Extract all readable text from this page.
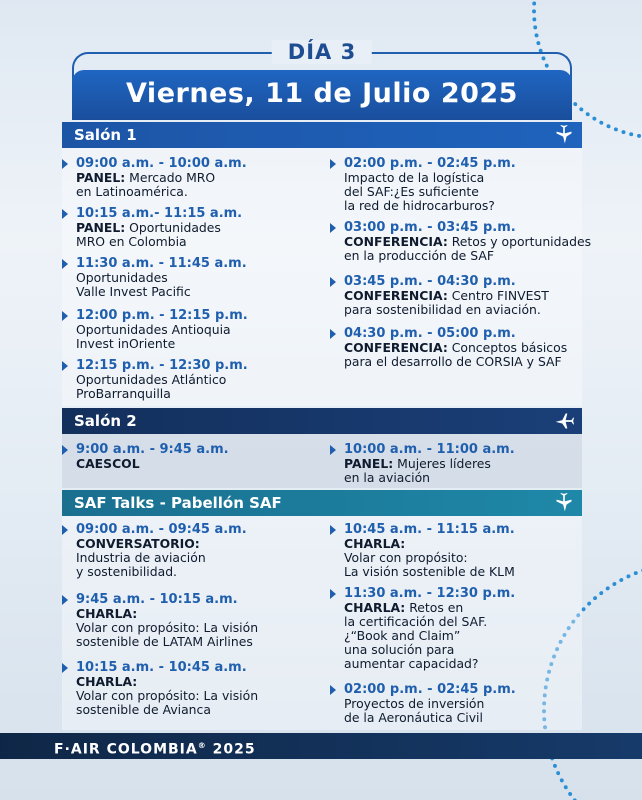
DÍA 3
Viernes, 11 de Julio 2025
Salón 1
09:00 a.m. - 10:00 a.m.
PANEL: Mercado MRO
en Latinoamérica.
10:15 a.m.- 11:15 a.m.
PANEL: Oportunidades
MRO en Colombia
11:30 a.m. - 11:45 a.m.
Oportunidades
Valle Invest Pacific
12:00 p.m. - 12:15 p.m.
Oportunidades Antioquia
Invest inOriente
12:15 p.m. - 12:30 p.m.
Oportunidades Atlántico
ProBarranquilla
02:00 p.m. - 02:45 p.m.
Impacto de la logística
del SAF:¿Es suficiente
la red de hidrocarburos?
03:00 p.m. - 03:45 p.m.
CONFERENCIA: Retos y oportunidades
en la producción de SAF
03:45 p.m. - 04:30 p.m.
CONFERENCIA: Centro FINVEST
para sostenibilidad en aviación.
04:30 p.m. - 05:00 p.m.
CONFERENCIA: Conceptos básicos
para el desarrollo de CORSIA y SAF
Salón 2
9:00 a.m. - 9:45 a.m.
CAESCOL
10:00 a.m. - 11:00 a.m.
PANEL: Mujeres líderes
en la aviación
SAF Talks - Pabellón SAF
09:00 a.m. - 09:45 a.m.
CONVERSATORIO:
Industria de aviación
y sostenibilidad.
9:45 a.m. - 10:15 a.m.
CHARLA:
Volar con propósito: La visión
sostenible de LATAM Airlines
10:15 a.m. - 10:45 a.m.
CHARLA:
Volar con propósito: La visión
sostenible de Avianca
10:45 a.m. - 11:15 a.m.
CHARLA:
Volar con propósito:
La visión sostenible de KLM
11:30 a.m. - 12:30 p.m.
CHARLA: Retos en
la certificación del SAF.
¿“Book and Claim”
una solución para
aumentar capacidad?
02:00 p.m. - 02:45 p.m.
Proyectos de inversión
de la Aeronáutica Civil
F·AIR COLOMBIA® 2025
